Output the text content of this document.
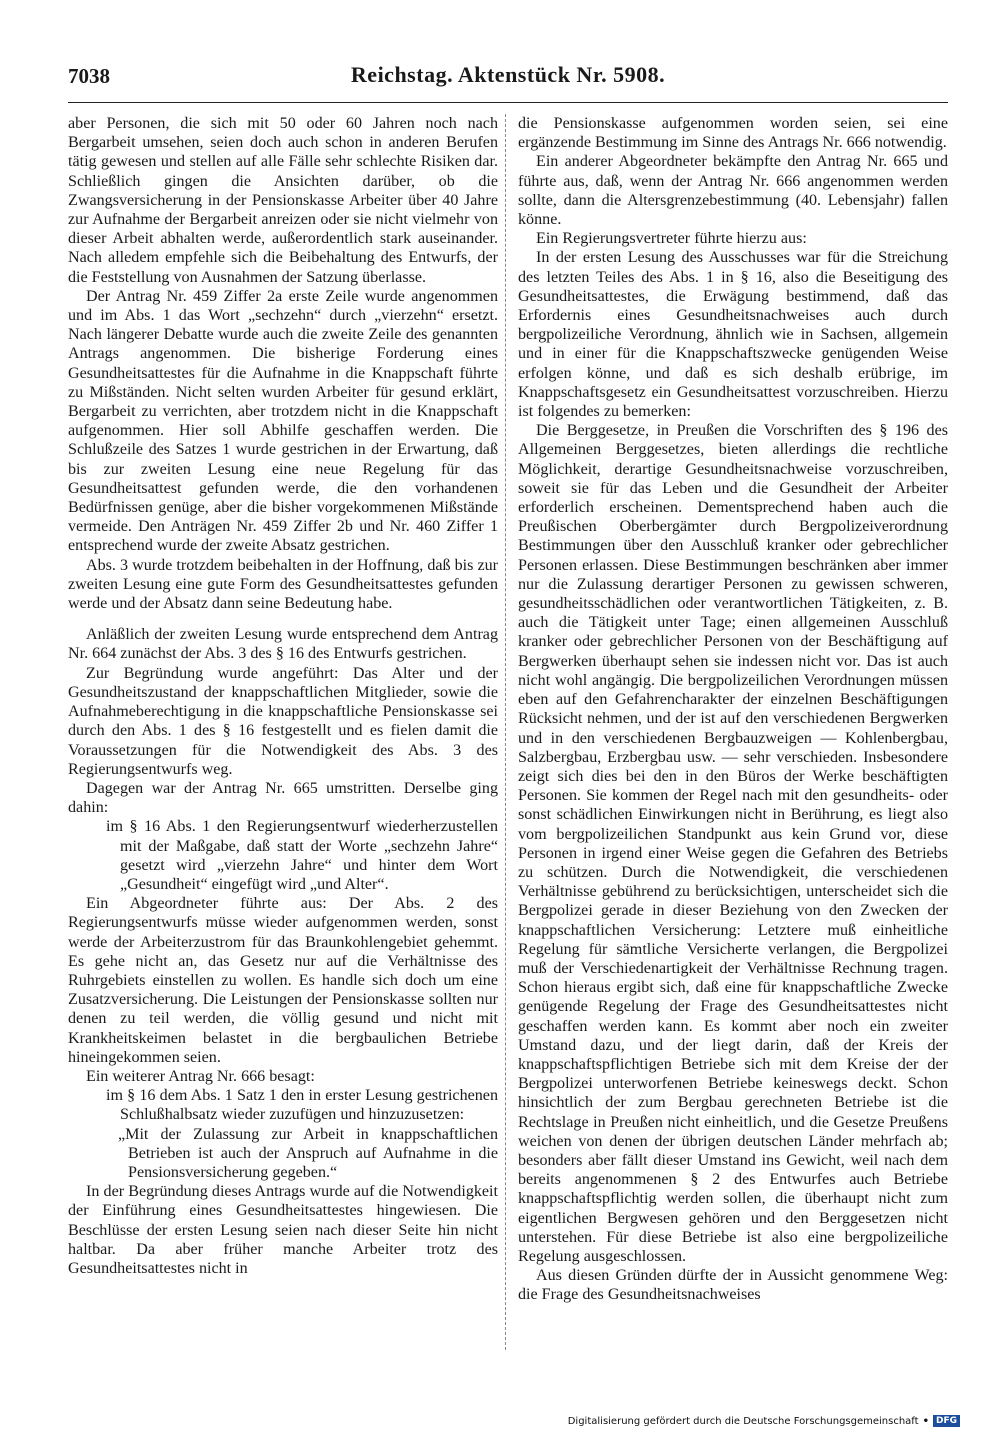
7038	Reichstag. Aktenstück Nr. 5908.

aber Personen, die sich mit 50 oder 60 Jahren noch nach Bergarbeit umsehen, seien doch auch schon in anderen Berufen tätig gewesen und stellen auf alle Fälle sehr schlechte Risiken dar. Schließlich gingen die Ansichten darüber, ob die Zwangsversicherung in der Pensionskasse Arbeiter über 40 Jahre zur Aufnahme der Bergarbeit anreizen oder sie nicht vielmehr von dieser Arbeit abhalten werde, außerordentlich stark auseinander. Nach alledem empfehle sich die Beibehaltung des Entwurfs, der die Feststellung von Ausnahmen der Satzung überlasse.

Der Antrag Nr. 459 Ziffer 2a erste Zeile wurde angenommen und im Abs. 1 das Wort „sechzehn“ durch „vierzehn“ ersetzt. Nach längerer Debatte wurde auch die zweite Zeile des genannten Antrags angenommen. Die bisherige Forderung eines Gesundheitsattestes für die Aufnahme in die Knappschaft führte zu Mißständen. Nicht selten wurden Arbeiter für gesund erklärt, Bergarbeit zu verrichten, aber trotzdem nicht in die Knappschaft aufgenommen. Hier soll Abhilfe geschaffen werden. Die Schlußzeile des Satzes 1 wurde gestrichen in der Erwartung, daß bis zur zweiten Lesung eine neue Regelung für das Gesundheitsattest gefunden werde, die den vorhandenen Bedürfnissen genüge, aber die bisher vorgekommenen Mißstände vermeide. Den Anträgen Nr. 459 Ziffer 2b und Nr. 460 Ziffer 1 entsprechend wurde der zweite Absatz gestrichen.

Abs. 3 wurde trotzdem beibehalten in der Hoffnung, daß bis zur zweiten Lesung eine gute Form des Gesundheitsattestes gefunden werde und der Absatz dann seine Bedeutung habe.

Anläßlich der zweiten Lesung wurde entsprechend dem Antrag Nr. 664 zunächst der Abs. 3 des § 16 des Entwurfs gestrichen.

Zur Begründung wurde angeführt: Das Alter und der Gesundheitszustand der knappschaftlichen Mitglieder, sowie die Aufnahmeberechtigung in die knappschaftliche Pensionskasse sei durch den Abs. 1 des § 16 festgestellt und es fielen damit die Voraussetzungen für die Notwendigkeit des Abs. 3 des Regierungsentwurfs weg.

Dagegen war der Antrag Nr. 665 umstritten. Derselbe ging dahin:

im § 16 Abs. 1 den Regierungsentwurf wiederherzustellen mit der Maßgabe, daß statt der Worte „sechzehn Jahre“ gesetzt wird „vierzehn Jahre“ und hinter dem Wort „Gesundheit“ eingefügt wird „und Alter“.

Ein Abgeordneter führte aus: Der Abs. 2 des Regierungsentwurfs müsse wieder aufgenommen werden, sonst werde der Arbeiterzustrom für das Braunkohlengebiet gehemmt. Es gehe nicht an, das Gesetz nur auf die Verhältnisse des Ruhrgebiets einstellen zu wollen. Es handle sich doch um eine Zusatzversicherung. Die Leistungen der Pensionskasse sollten nur denen zu teil werden, die völlig gesund und nicht mit Krankheitskeimen belastet in die bergbaulichen Betriebe hineingekommen seien.

Ein weiterer Antrag Nr. 666 besagt:

im § 16 dem Abs. 1 Satz 1 den in erster Lesung gestrichenen Schlußhalbsatz wieder zuzufügen und hinzuzusetzen:

„Mit der Zulassung zur Arbeit in knappschaftlichen Betrieben ist auch der Anspruch auf Aufnahme in die Pensionsversicherung gegeben.“

In der Begründung dieses Antrags wurde auf die Notwendigkeit der Einführung eines Gesundheitsattestes hingewiesen. Die Beschlüsse der ersten Lesung seien nach dieser Seite hin nicht haltbar. Da aber früher manche Arbeiter trotz des Gesundheitsattestes nicht in

die Pensionskasse aufgenommen worden seien, sei eine ergänzende Bestimmung im Sinne des Antrags Nr. 666 notwendig.

Ein anderer Abgeordneter bekämpfte den Antrag Nr. 665 und führte aus, daß, wenn der Antrag Nr. 666 angenommen werden sollte, dann die Altersgrenzebestimmung (40. Lebensjahr) fallen könne.

Ein Regierungsvertreter führte hierzu aus:

In der ersten Lesung des Ausschusses war für die Streichung des letzten Teiles des Abs. 1 in § 16, also die Beseitigung des Gesundheitsattestes, die Erwägung bestimmend, daß das Erfordernis eines Gesundheitsnachweises auch durch bergpolizeiliche Verordnung, ähnlich wie in Sachsen, allgemein und in einer für die Knappschaftszwecke genügenden Weise erfolgen könne, und daß es sich deshalb erübrige, im Knappschaftsgesetz ein Gesundheitsattest vorzuschreiben. Hierzu ist folgendes zu bemerken:

Die Berggesetze, in Preußen die Vorschriften des § 196 des Allgemeinen Berggesetzes, bieten allerdings die rechtliche Möglichkeit, derartige Gesundheitsnachweise vorzuschreiben, soweit sie für das Leben und die Gesundheit der Arbeiter erforderlich erscheinen. Dementsprechend haben auch die Preußischen Oberbergämter durch Bergpolizeiverordnung Bestimmungen über den Ausschluß kranker oder gebrechlicher Personen erlassen. Diese Bestimmungen beschränken aber immer nur die Zulassung derartiger Personen zu gewissen schweren, gesundheitsschädlichen oder verantwortlichen Tätigkeiten, z. B. auch die Tätigkeit unter Tage; einen allgemeinen Ausschluß kranker oder gebrechlicher Personen von der Beschäftigung auf Bergwerken überhaupt sehen sie indessen nicht vor. Das ist auch nicht wohl angängig. Die bergpolizeilichen Verordnungen müssen eben auf den Gefahrencharakter der einzelnen Beschäftigungen Rücksicht nehmen, und der ist auf den verschiedenen Bergwerken und in den verschiedenen Bergbauzweigen — Kohlenbergbau, Salzbergbau, Erzbergbau usw. — sehr verschieden. Insbesondere zeigt sich dies bei den in den Büros der Werke beschäftigten Personen. Sie kommen der Regel nach mit den gesundheits- oder sonst schädlichen Einwirkungen nicht in Berührung, es liegt also vom bergpolizeilichen Standpunkt aus kein Grund vor, diese Personen in irgend einer Weise gegen die Gefahren des Betriebs zu schützen. Durch die Notwendigkeit, die verschiedenen Verhältnisse gebührend zu berücksichtigen, unterscheidet sich die Bergpolizei gerade in dieser Beziehung von den Zwecken der knappschaftlichen Versicherung: Letztere muß einheitliche Regelung für sämtliche Versicherte verlangen, die Bergpolizei muß der Verschiedenartigkeit der Verhältnisse Rechnung tragen. Schon hieraus ergibt sich, daß eine für knappschaftliche Zwecke genügende Regelung der Frage des Gesundheitsattestes nicht geschaffen werden kann. Es kommt aber noch ein zweiter Umstand dazu, und der liegt darin, daß der Kreis der knappschaftspflichtigen Betriebe sich mit dem Kreise der der Bergpolizei unterworfenen Betriebe keineswegs deckt. Schon hinsichtlich der zum Bergbau gerechneten Betriebe ist die Rechtslage in Preußen nicht einheitlich, und die Gesetze Preußens weichen von denen der übrigen deutschen Länder mehrfach ab; besonders aber fällt dieser Umstand ins Gewicht, weil nach dem bereits angenommenen § 2 des Entwurfes auch Betriebe knappschaftspflichtig werden sollen, die überhaupt nicht zum eigentlichen Bergwesen gehören und den Berggesetzen nicht unterstehen. Für diese Betriebe ist also eine bergpolizeiliche Regelung ausgeschlossen.

Aus diesen Gründen dürfte der in Aussicht genommene Weg: die Frage des Gesundheitsnachweises

Digitalisierung gefördert durch die Deutsche Forschungsgemeinschaft • DFG
